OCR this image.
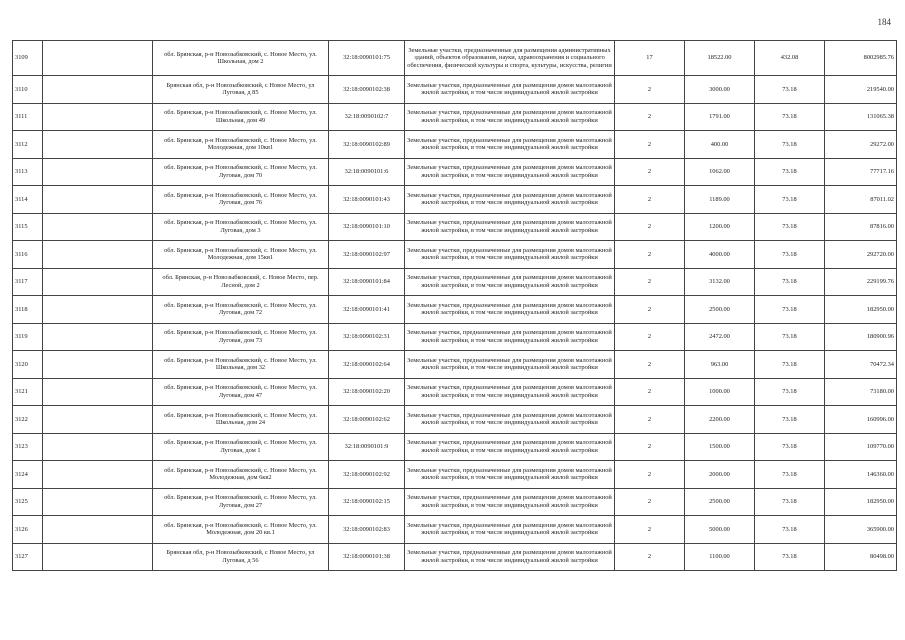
184
3109		обл. Брянская, р-н Новозыбковский, с. Новое Место, ул. Школьная, дом 2	32:18:0090101:75	Земельные участки, предназначенные для размещения административных зданий, объектов образования, науки, здравоохранения и социального обеспечения, физической культуры и спорта, культуры, искусства, религии	17	18522.00	432.08	8002985.76
3110		Брянская обл, р-н Новозыбковский, с Новое Место, ул Луговая, д 85	32:18:0090102:38	Земельные участки, предназначенные для размещения домов малоэтажной жилой застройки, в том числе индивидуальной жилой застройки	2	3000.00	73.18	219540.00
3111		обл. Брянская, р-н Новозыбковский, с. Новое Место, ул. Школьная, дом 49	32:18:0090102:7	Земельные участки, предназначенные для размещения домов малоэтажной жилой застройки, в том числе индивидуальной жилой застройки	2	1791.00	73.18	131065.38
3112		обл. Брянская, р-н Новозыбковский, с. Новое Место, ул. Молодежная, дом 10кв1	32:18:0090102:89	Земельные участки, предназначенные для размещения домов малоэтажной жилой застройки, в том числе индивидуальной жилой застройки	2	400.00	73.18	29272.00
3113		обл. Брянская, р-н Новозыбковский, с. Новое Место, ул. Луговая, дом 70	32:18:0090101:6	Земельные участки, предназначенные для размещения домов малоэтажной жилой застройки, в том числе индивидуальной жилой застройки	2	1062.00	73.18	77717.16
3114		обл. Брянская, р-н Новозыбковский, с. Новое Место, ул. Луговая, дом 76	32:18:0090101:43	Земельные участки, предназначенные для размещения домов малоэтажной жилой застройки, в том числе индивидуальной жилой застройки	2	1189.00	73.18	87011.02
3115		обл. Брянская, р-н Новозыбковский, с. Новое Место, ул. Луговая, дом 3	32:18:0090101:10	Земельные участки, предназначенные для размещения домов малоэтажной жилой застройки, в том числе индивидуальной жилой застройки	2	1200.00	73.18	87816.00
3116		обл. Брянская, р-н Новозыбковский, с. Новое Место, ул. Молодежная, дом 15кв1	32:18:0090102:97	Земельные участки, предназначенные для размещения домов малоэтажной жилой застройки, в том числе индивидуальной жилой застройки	2	4000.00	73.18	292720.00
3117		обл. Брянская, р-н Новозыбковский, с. Новое Место, пер. Лесной, дом 2	32:18:0090101:84	Земельные участки, предназначенные для размещения домов малоэтажной жилой застройки, в том числе индивидуальной жилой застройки	2	3132.00	73.18	229199.76
3118		обл. Брянская, р-н Новозыбковский, с. Новое Место, ул. Луговая, дом 72	32:18:0090101:41	Земельные участки, предназначенные для размещения домов малоэтажной жилой застройки, в том числе индивидуальной жилой застройки	2	2500.00	73.18	182950.00
3119		обл. Брянская, р-н Новозыбковский, с. Новое Место, ул. Луговая, дом 73	32:18:0090102:31	Земельные участки, предназначенные для размещения домов малоэтажной жилой застройки, в том числе индивидуальной жилой застройки	2	2472.00	73.18	180900.96
3120		обл. Брянская, р-н Новозыбковский, с. Новое Место, ул. Школьная, дом 32	32:18:0090102:64	Земельные участки, предназначенные для размещения домов малоэтажной жилой застройки, в том числе индивидуальной жилой застройки	2	963.00	73.18	70472.34
3121		обл. Брянская, р-н Новозыбковский, с. Новое Место, ул. Луговая, дом 47	32:18:0090102:20	Земельные участки, предназначенные для размещения домов малоэтажной жилой застройки, в том числе индивидуальной жилой застройки	2	1000.00	73.18	73180.00
3122		обл. Брянская, р-н Новозыбковский, с. Новое Место, ул. Школьная, дом 24	32:18:0090102:62	Земельные участки, предназначенные для размещения домов малоэтажной жилой застройки, в том числе индивидуальной жилой застройки	2	2200.00	73.18	160996.00
3123		обл. Брянская, р-н Новозыбковский, с. Новое Место, ул. Луговая, дом 1	32:18:0090101:9	Земельные участки, предназначенные для размещения домов малоэтажной жилой застройки, в том числе индивидуальной жилой застройки	2	1500.00	73.18	109770.00
3124		обл. Брянская, р-н Новозыбковский, с. Новое Место, ул. Молодежная, дом 6кв2	32:18:0090102:92	Земельные участки, предназначенные для размещения домов малоэтажной жилой застройки, в том числе индивидуальной жилой застройки	2	2000.00	73.18	146360.00
3125		обл. Брянская, р-н Новозыбковский, с. Новое Место, ул. Луговая, дом 27	32:18:0090102:15	Земельные участки, предназначенные для размещения домов малоэтажной жилой застройки, в том числе индивидуальной жилой застройки	2	2500.00	73.18	182950.00
3126		обл. Брянская, р-н Новозыбковский, с. Новое Место, ул. Молодежная, дом 20 кв.1	32:18:0090102:83	Земельные участки, предназначенные для размещения домов малоэтажной жилой застройки, в том числе индивидуальной жилой застройки	2	5000.00	73.18	365900.00
3127		Брянская обл, р-н Новозыбковский, с Новое Место, ул Луговая, д 56	32:18:0090101:38	Земельные участки, предназначенные для размещения домов малоэтажной жилой застройки, в том числе индивидуальной жилой застройки	2	1100.00	73.18	80498.00
